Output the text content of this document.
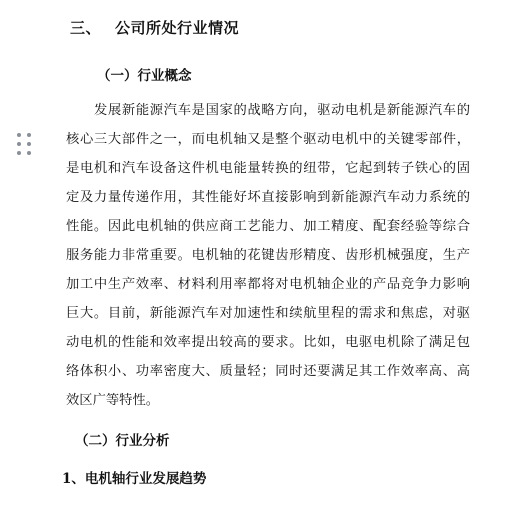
三、 公司所处行业情况
（一）行业概念
发展新能源汽车是国家的战略方向，驱动电机是新能源汽车的
核心三大部件之一，而电机轴又是整个驱动电机中的关键零部件，
是电机和汽车设备这件机电能量转换的纽带，它起到转子铁心的固
定及力量传递作用，其性能好坏直接影响到新能源汽车动力系统的
性能。因此电机轴的供应商工艺能力、加工精度、配套经验等综合
服务能力非常重要。电机轴的花键齿形精度、齿形机械强度，生产
加工中生产效率、材料利用率都将对电机轴企业的产品竞争力影响
巨大。目前，新能源汽车对加速性和续航里程的需求和焦虑，对驱
动电机的性能和效率提出较高的要求。比如，电驱电机除了满足包
络体积小、功率密度大、质量轻；同时还要满足其工作效率高、高
效区广等特性。
（二）行业分析
1、电机轴行业发展趋势
